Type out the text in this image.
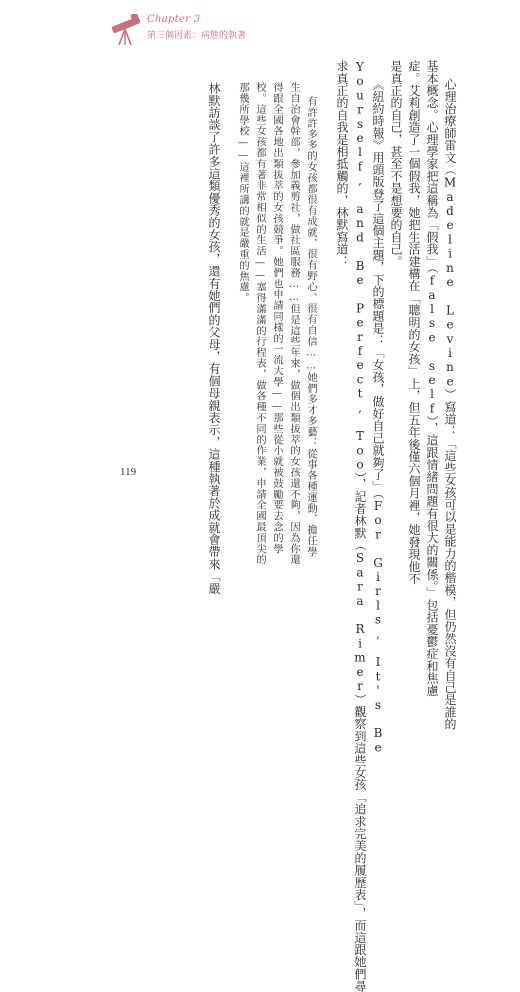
Chapter 3
第三個因素：病態的執著
心理治療師雷文（Madeline Levine）寫道：「這些女孩可以是能力的楷模，但仍然沒有自己是誰的
基本概念。心理學家把這稱為「假我」（false self），這跟情緒問題有很大的關係。」包括憂鬱症和焦慮
症。艾莉創造了一個假我，她把生活建構在「聰明的女孩」上，但五年後僅六個月裡，她發現他不
是真正的自己，甚至不是想要的自己。
《紐約時報》用頭版登了這個主題，下的標題是：「女孩，做好自己就夠了」（For Girls, It's Be
Yourself, and Be Perfect, Too），記者林默（Sara Rimer）觀察到這些女孩「追求完美的履歷表」，而這跟她們尋
求真正的自我是相抵觸的，林默寫道：
有許許多多的女孩都很有成就、很有野心、很有自信……她們多才多藝：從事各種運動、擔任學
生自治會幹部，參加義剪社，做社區服務……但是這些年來，做個出類拔萃的女孩還不夠，因為你還
得跟全國各地出類拔萃的女孩競爭。她們也申請同樣的一流大學——那些從小就被鼓勵要去念的學
校。這些女孩都有著非常相似的生活——塞得滿滿的行程表，做各種不同的作業，申請全國最頂尖的
那幾所學校——這裡所講的就是嚴重的焦慮。
林默訪談了許多這類優秀的女孩，還有她們的父母，有個母親表示，這種執著於成就會帶來「嚴
119
